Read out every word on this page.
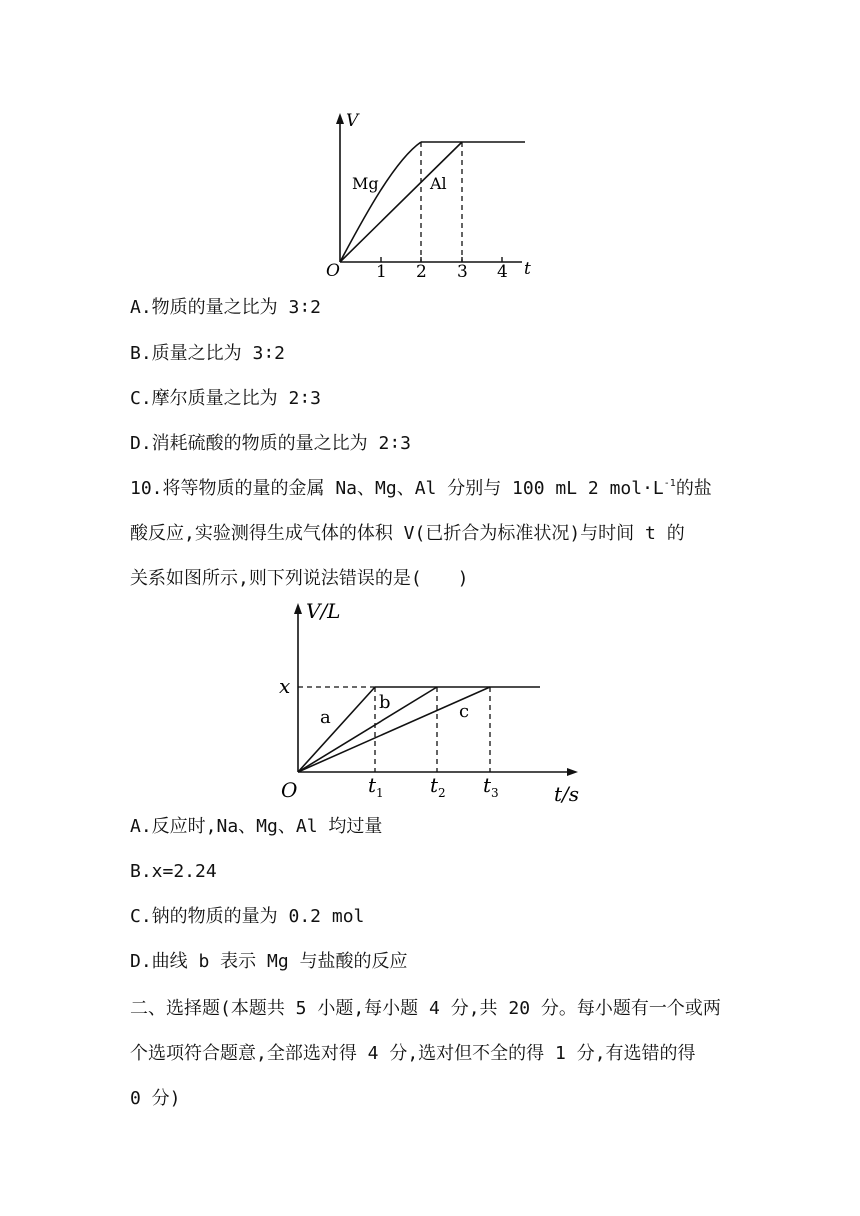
V
t
O 1 2 3 4
Mg	Al
A.物质的量之比为 3∶2
B.质量之比为 3∶2
C.摩尔质量之比为 2∶3
D.消耗硫酸的物质的量之比为 2∶3
10.将等物质的量的金属 Na、Mg、Al 分别与 100 mL 2 $mol\cdot L^{-1}$的盐
酸反应,实验测得生成气体的体积 V(已折合为标准状况)与时间 t 的
关系如图所示,则下列说法错误的是(　　)
V/L
t/s
O
x
$t_1$ $t_2$ $t_3$
a
b	c
A.反应时,Na、Mg、Al 均过量
B.x=2.24
C.钠的物质的量为 0.2 mol
D.曲线 b 表示 Mg 与盐酸的反应
二、选择题(本题共 5 小题,每小题 4 分,共 20 分。每小题有一个或两
个选项符合题意,全部选对得 4 分,选对但不全的得 1 分,有选错的得
0 分)
